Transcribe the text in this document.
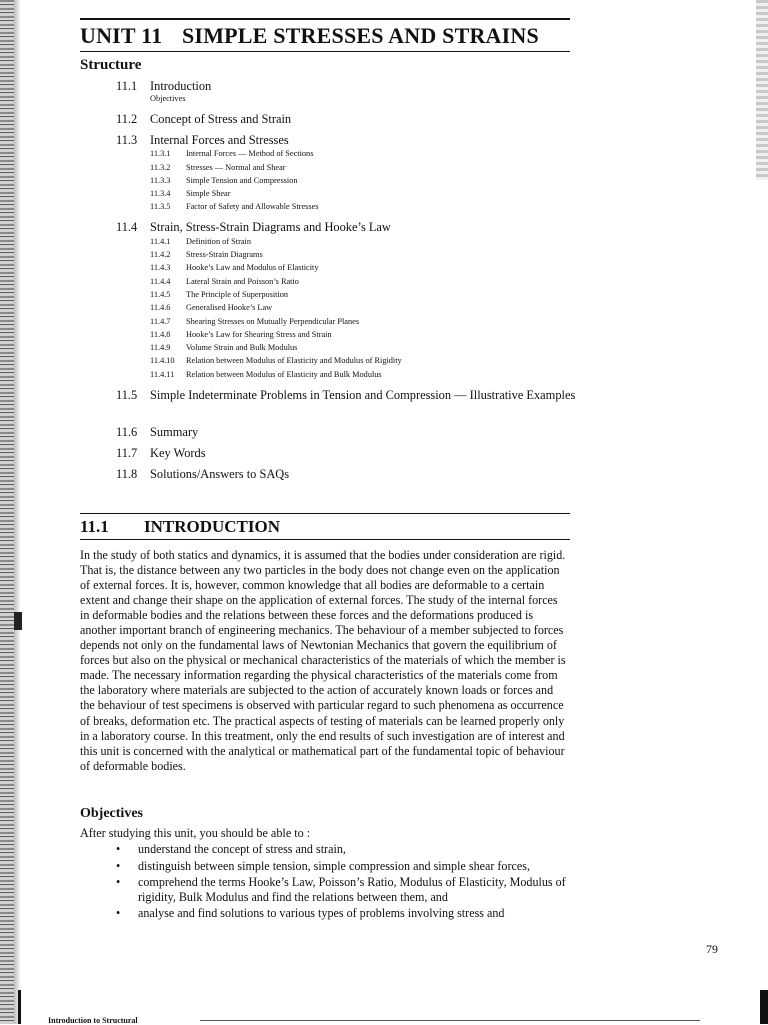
UNIT 11 SIMPLE STRESSES AND STRAINS
Structure
11.1	Introduction
Objectives
11.2	Concept of Stress and Strain
11.3	Internal Forces and Stresses
11.3.1	Internal Forces — Method of Sections
11.3.2	Stresses — Normal and Shear
11.3.3	Simple Tension and Compression
11.3.4	Simple Shear
11.3.5	Factor of Safety and Allowable Stresses
11.4	Strain, Stress-Strain Diagrams and Hooke’s Law
11.4.1	Definition of Strain
11.4.2	Stress-Strain Diagrams
11.4.3	Hooke’s Law and Modulus of Elasticity
11.4.4	Lateral Strain and Poisson’s Ratio
11.4.5	The Principle of Superposition
11.4.6	Generalised Hooke’s Law
11.4.7	Shearing Stresses on Mutually Perpendicular Planes
11.4.8	Hooke’s Law for Shearing Stress and Strain
11.4.9	Volume Strain and Bulk Modulus
11.4.10	Relation between Modulus of Elasticity and Modulus of Rigidity
11.4.11	Relation between Modulus of Elasticity and Bulk Modulus
11.5	Simple Indeterminate Problems in Tension and Compression — Illustrative Examples
11.6	Summary
11.7	Key Words
11.8	Solutions/Answers to SAQs
11.1 INTRODUCTION
In the study of both statics and dynamics, it is assumed that the bodies under consideration are rigid. That is, the distance between any two particles in the body does not change even on the application of external forces. It is, however, common knowledge that all bodies are deformable to a certain extent and change their shape on the application of external forces. The study of the internal forces in deformable bodies and the relations between these forces and the deformations produced is another important branch of engineering mechanics. The behaviour of a member subjected to forces depends not only on the fundamental laws of Newtonian Mechanics that govern the equilibrium of forces but also on the physical or mechanical characteristics of the materials of which the member is made. The necessary information regarding the physical characteristics of the materials come from the laboratory where materials are subjected to the action of accurately known loads or forces and the behaviour of test specimens is observed with particular regard to such phenomena as occurrence of breaks, deformation etc. The practical aspects of testing of materials can be learned properly only in a laboratory course. In this treatment, only the end results of such investigation are of interest and this unit is concerned with the analytical or mathematical part of the fundamental topic of behaviour of deformable bodies.
Objectives
After studying this unit, you should be able to :
• understand the concept of stress and strain,
• distinguish between simple tension, simple compression and simple shear forces,
• comprehend the terms Hooke’s Law, Poisson’s Ratio, Modulus of Elasticity, Modulus of rigidity, Bulk Modulus and find the relations between them, and
• analyse and find solutions to various types of problems involving stress and
79
Introduction to Structural
